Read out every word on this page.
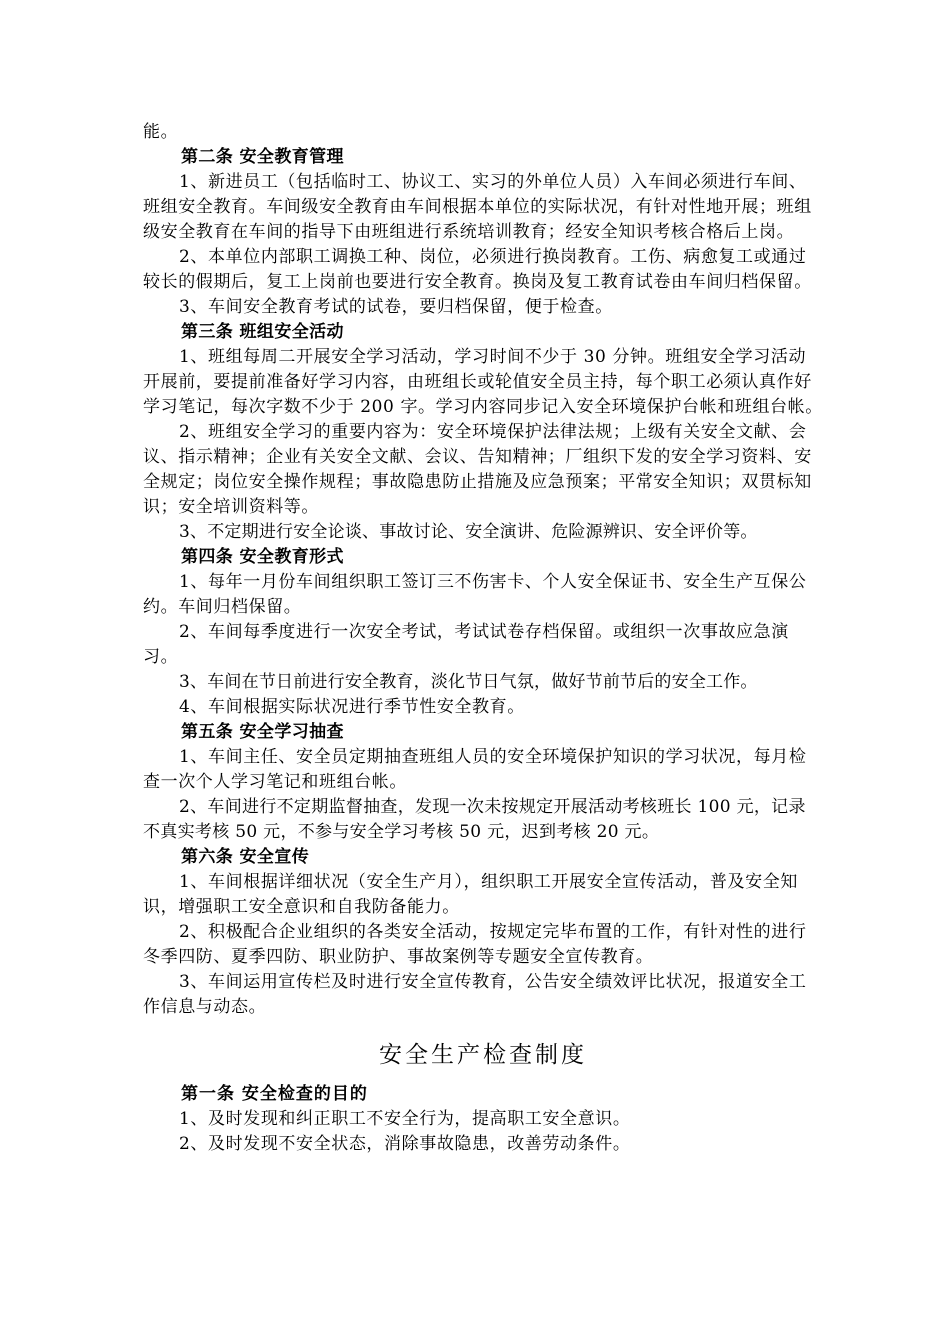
能。

第二条 安全教育管理

1、新进员工（包括临时工、协议工、实习的外单位人员）入车间必须进行车间、班组安全教育。车间级安全教育由车间根据本单位的实际状况，有针对性地开展；班组级安全教育在车间的指导下由班组进行系统培训教育；经安全知识考核合格后上岗。

2、本单位内部职工调换工种、岗位，必须进行换岗教育。工伤、病愈复工或通过较长的假期后，复工上岗前也要进行安全教育。换岗及复工教育试卷由车间归档保留。

3、车间安全教育考试的试卷，要归档保留，便于检查。

第三条 班组安全活动

1、班组每周二开展安全学习活动，学习时间不少于 30 分钟。班组安全学习活动开展前，要提前准备好学习内容，由班组长或轮值安全员主持，每个职工必须认真作好学习笔记，每次字数不少于 200 字。学习内容同步记入安全环境保护台帐和班组台帐。

2、班组安全学习的重要内容为：安全环境保护法律法规；上级有关安全文献、会议、指示精神；企业有关安全文献、会议、告知精神；厂组织下发的安全学习资料、安全规定；岗位安全操作规程；事故隐患防止措施及应急预案；平常安全知识；双贯标知识；安全培训资料等。

3、不定期进行安全论谈、事故讨论、安全演讲、危险源辨识、安全评价等。

第四条 安全教育形式

1、每年一月份车间组织职工签订三不伤害卡、个人安全保证书、安全生产互保公约。车间归档保留。

2、车间每季度进行一次安全考试，考试试卷存档保留。或组织一次事故应急演习。

3、车间在节日前进行安全教育，淡化节日气氛，做好节前节后的安全工作。

4、车间根据实际状况进行季节性安全教育。

第五条 安全学习抽查

1、车间主任、安全员定期抽查班组人员的安全环境保护知识的学习状况，每月检查一次个人学习笔记和班组台帐。

2、车间进行不定期监督抽查，发现一次未按规定开展活动考核班长 100 元，记录不真实考核 50 元，不参与安全学习考核 50 元，迟到考核 20 元。

第六条 安全宣传

1、车间根据详细状况（安全生产月），组织职工开展安全宣传活动，普及安全知识，增强职工安全意识和自我防备能力。

2、积极配合企业组织的各类安全活动，按规定完毕布置的工作，有针对性的进行冬季四防、夏季四防、职业防护、事故案例等专题安全宣传教育。

3、车间运用宣传栏及时进行安全宣传教育，公告安全绩效评比状况，报道安全工作信息与动态。

安全生产检查制度

第一条 安全检查的目的

1、及时发现和纠正职工不安全行为，提高职工安全意识。

2、及时发现不安全状态，消除事故隐患，改善劳动条件。
